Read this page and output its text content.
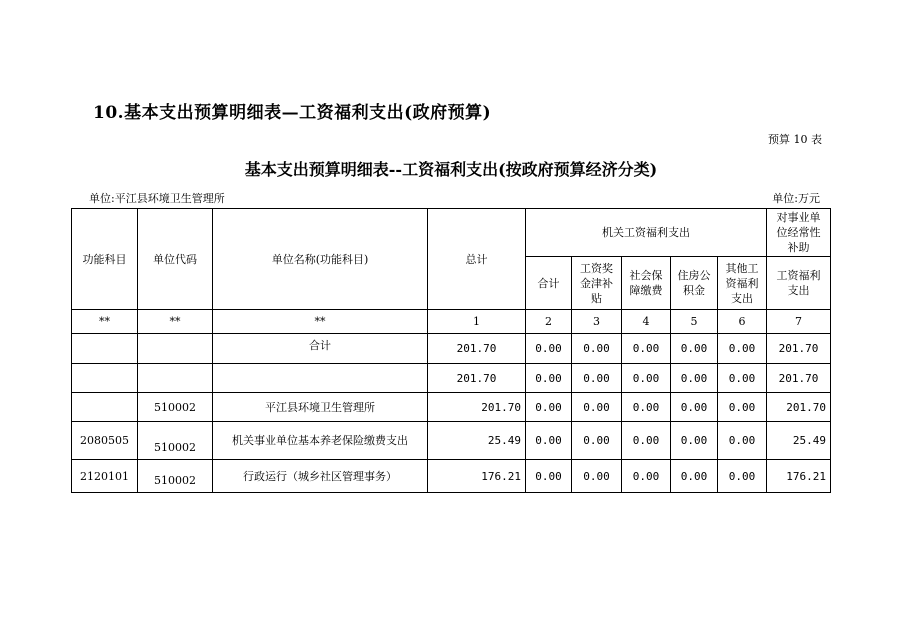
10.基本支出预算明细表—工资福利支出(政府预算)
预算 10 表
基本支出预算明细表--工资福利支出(按政府预算经济分类)
单位:平江县环境卫生管理所	单位:万元
功能科目	单位代码	单位名称(功能科目)	总计	机关工资福利支出					对事业单位经常性补助
				合计	工资奖金津补贴	社会保障缴费	住房公积金	其他工资福利支出	工资福利支出
**	**	**	1	2	3	4	5	6	7
		合计	201.70	0.00	0.00	0.00	0.00	0.00	201.70
			201.70	0.00	0.00	0.00	0.00	0.00	201.70
	510002	平江县环境卫生管理所	201.70	0.00	0.00	0.00	0.00	0.00	201.70
2080505	510002	机关事业单位基本养老保险缴费支出	25.49	0.00	0.00	0.00	0.00	0.00	25.49
2120101	510002	行政运行（城乡社区管理事务）	176.21	0.00	0.00	0.00	0.00	0.00	176.21
